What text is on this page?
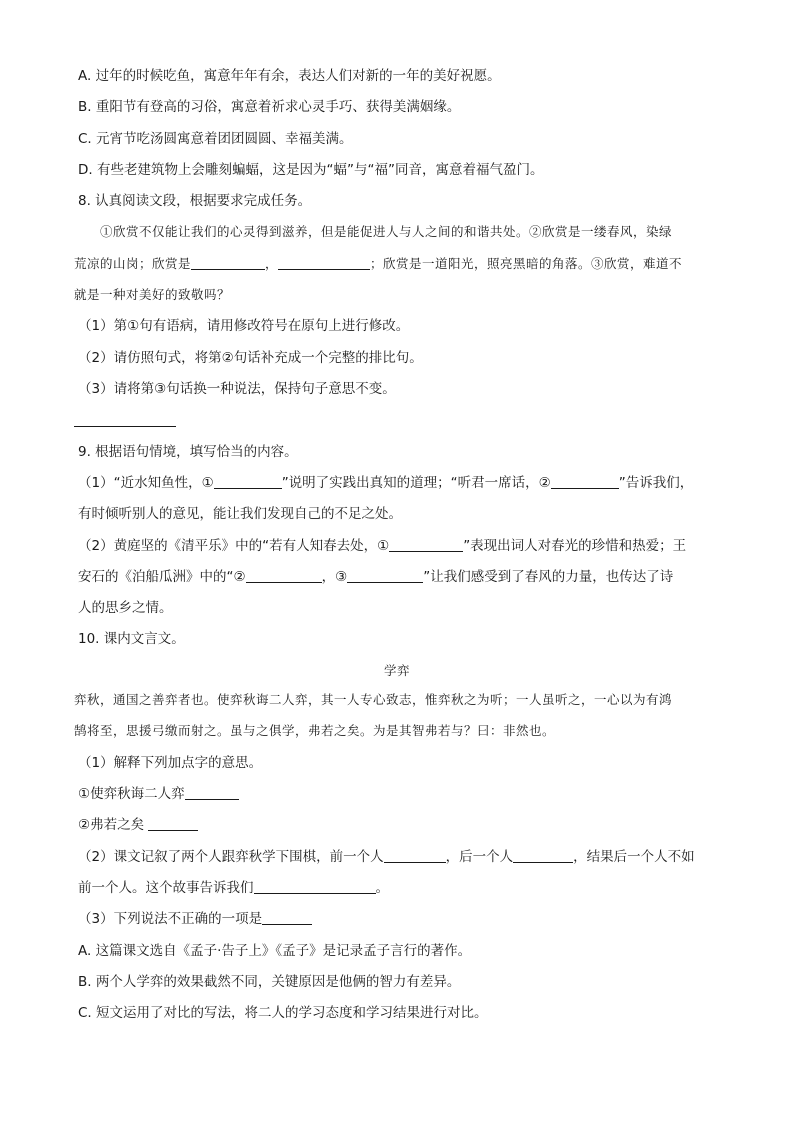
A. 过年的时候吃鱼，寓意年年有余，表达人们对新的一年的美好祝愿。
B. 重阳节有登高的习俗，寓意着祈求心灵手巧、获得美满姻缘。
C. 元宵节吃汤圆寓意着团团圆圆、幸福美满。
D. 有些老建筑物上会雕刻蝙蝠，这是因为“蝠”与“福”同音，寓意着福气盈门。
8. 认真阅读文段，根据要求完成任务。
①欣赏不仅能让我们的心灵得到滋养，但是能促进人与人之间的和谐共处。②欣赏是一缕春风，染绿
荒凉的山岗；欣赏是	，	；欣赏是一道阳光，照亮黑暗的角落。③欣赏，难道不
就是一种对美好的致敬吗？
（1）第①句有语病，请用修改符号在原句上进行修改。
（2）请仿照句式，将第②句话补充成一个完整的排比句。
（3）请将第③句话换一种说法，保持句子意思不变。
9. 根据语句情境，填写恰当的内容。
（1）“近水知鱼性，①	”说明了实践出真知的道理；“听君一席话，②	”告诉我们，
有时倾听别人的意见，能让我们发现自己的不足之处。
（2）黄庭坚的《清平乐》中的“若有人知春去处，①	”表现出词人对春光的珍惜和热爱；王
安石的《泊船瓜洲》中的“②	，③	”让我们感受到了春风的力量，也传达了诗
人的思乡之情。
10. 课内文言文。
学弈
弈秋，通国之善弈者也。使弈秋诲二人弈，其一人专心致志，惟弈秋之为听；一人虽听之，一心以为有鸿
鹄将至，思援弓缴而射之。虽与之俱学，弗若之矣。为是其智弗若与？曰：非然也。
（1）解释下列加点字的意思。
①使弈秋诲二人弈
②弗若之矣
（2）课文记叙了两个人跟弈秋学下围棋，前一个人	，后一个人	，结果后一个人不如
前一个人。这个故事告诉我们	。
（3）下列说法不正确的一项是
A. 这篇课文选自《孟子·告子上》《孟子》是记录孟子言行的著作。
B. 两个人学弈的效果截然不同，关键原因是他俩的智力有差异。
C. 短文运用了对比的写法，将二人的学习态度和学习结果进行对比。
